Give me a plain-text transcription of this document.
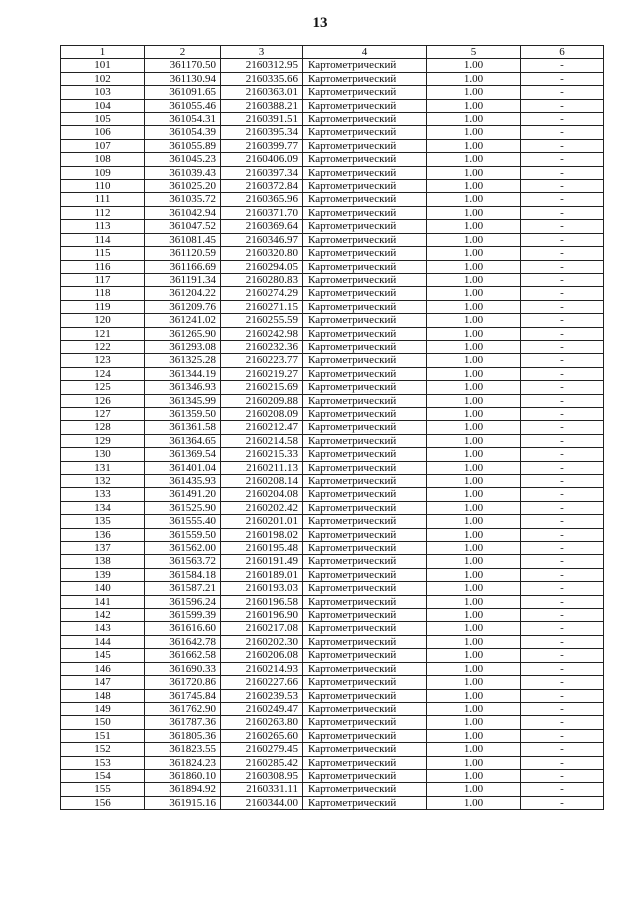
13
1	2	3	4	5	6
101	361170.50	2160312.95	Картометрический	1.00	-
102	361130.94	2160335.66	Картометрический	1.00	-
103	361091.65	2160363.01	Картометрический	1.00	-
104	361055.46	2160388.21	Картометрический	1.00	-
105	361054.31	2160391.51	Картометрический	1.00	-
106	361054.39	2160395.34	Картометрический	1.00	-
107	361055.89	2160399.77	Картометрический	1.00	-
108	361045.23	2160406.09	Картометрический	1.00	-
109	361039.43	2160397.34	Картометрический	1.00	-
110	361025.20	2160372.84	Картометрический	1.00	-
111	361035.72	2160365.96	Картометрический	1.00	-
112	361042.94	2160371.70	Картометрический	1.00	-
113	361047.52	2160369.64	Картометрический	1.00	-
114	361081.45	2160346.97	Картометрический	1.00	-
115	361120.59	2160320.80	Картометрический	1.00	-
116	361166.69	2160294.05	Картометрический	1.00	-
117	361191.34	2160280.83	Картометрический	1.00	-
118	361204.22	2160274.29	Картометрический	1.00	-
119	361209.76	2160271.15	Картометрический	1.00	-
120	361241.02	2160255.59	Картометрический	1.00	-
121	361265.90	2160242.98	Картометрический	1.00	-
122	361293.08	2160232.36	Картометрический	1.00	-
123	361325.28	2160223.77	Картометрический	1.00	-
124	361344.19	2160219.27	Картометрический	1.00	-
125	361346.93	2160215.69	Картометрический	1.00	-
126	361345.99	2160209.88	Картометрический	1.00	-
127	361359.50	2160208.09	Картометрический	1.00	-
128	361361.58	2160212.47	Картометрический	1.00	-
129	361364.65	2160214.58	Картометрический	1.00	-
130	361369.54	2160215.33	Картометрический	1.00	-
131	361401.04	2160211.13	Картометрический	1.00	-
132	361435.93	2160208.14	Картометрический	1.00	-
133	361491.20	2160204.08	Картометрический	1.00	-
134	361525.90	2160202.42	Картометрический	1.00	-
135	361555.40	2160201.01	Картометрический	1.00	-
136	361559.50	2160198.02	Картометрический	1.00	-
137	361562.00	2160195.48	Картометрический	1.00	-
138	361563.72	2160191.49	Картометрический	1.00	-
139	361584.18	2160189.01	Картометрический	1.00	-
140	361587.21	2160193.03	Картометрический	1.00	-
141	361596.24	2160196.58	Картометрический	1.00	-
142	361599.39	2160196.90	Картометрический	1.00	-
143	361616.60	2160217.08	Картометрический	1.00	-
144	361642.78	2160202.30	Картометрический	1.00	-
145	361662.58	2160206.08	Картометрический	1.00	-
146	361690.33	2160214.93	Картометрический	1.00	-
147	361720.86	2160227.66	Картометрический	1.00	-
148	361745.84	2160239.53	Картометрический	1.00	-
149	361762.90	2160249.47	Картометрический	1.00	-
150	361787.36	2160263.80	Картометрический	1.00	-
151	361805.36	2160265.60	Картометрический	1.00	-
152	361823.55	2160279.45	Картометрический	1.00	-
153	361824.23	2160285.42	Картометрический	1.00	-
154	361860.10	2160308.95	Картометрический	1.00	-
155	361894.92	2160331.11	Картометрический	1.00	-
156	361915.16	2160344.00	Картометрический	1.00	-
